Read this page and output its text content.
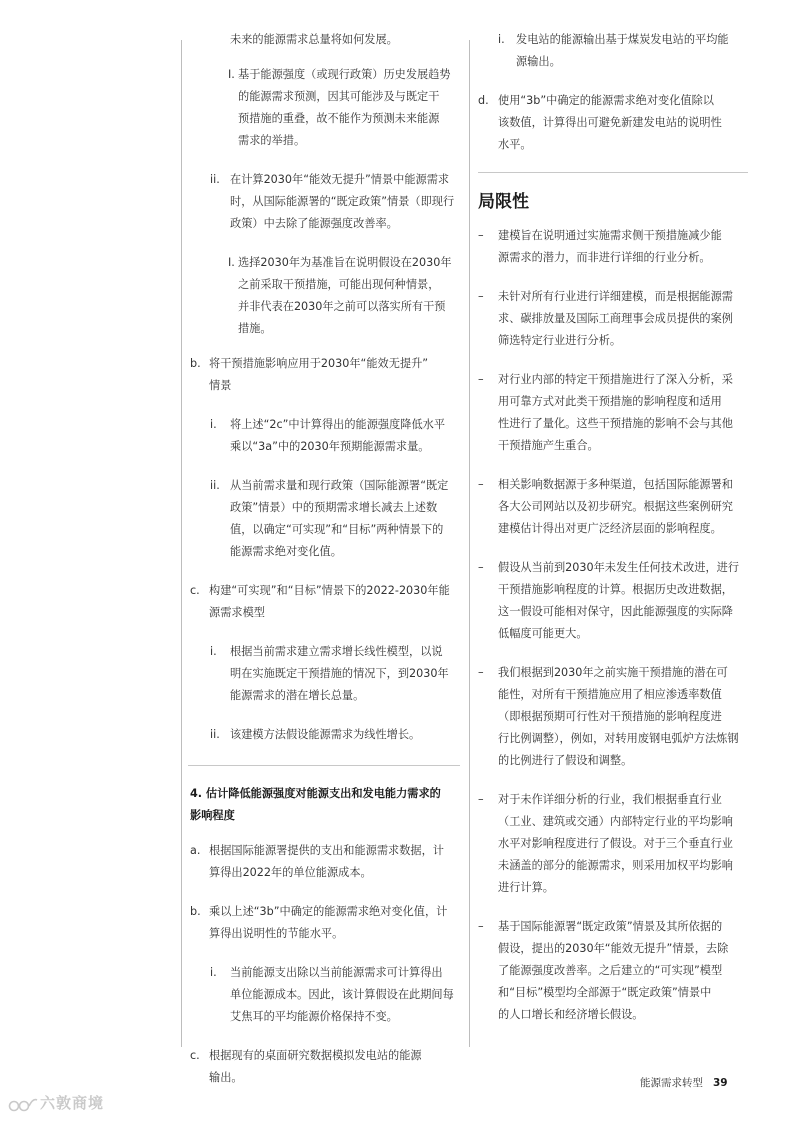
未来的能源需求总量将如何发展。
I. 基于能源强度（或现行政策）历史发展趋势
的能源需求预测，因其可能涉及与既定干
预措施的重叠，故不能作为预测未来能源
需求的举措。
ii. 在计算2030年“能效无提升”情景中能源需求
时，从国际能源署的“既定政策”情景（即现行
政策）中去除了能源强度改善率。
I. 选择2030年为基准旨在说明假设在2030年
之前采取干预措施，可能出现何种情景，
并非代表在2030年之前可以落实所有干预
措施。
b. 将干预措施影响应用于2030年“能效无提升”
情景
i. 将上述“2c”中计算得出的能源强度降低水平
乘以“3a”中的2030年预期能源需求量。
ii. 从当前需求量和现行政策（国际能源署“既定
政策”情景）中的预期需求增长减去上述数
值，以确定“可实现”和“目标”两种情景下的
能源需求绝对变化值。
c. 构建“可实现”和“目标”情景下的2022-2030年能
源需求模型
i. 根据当前需求建立需求增长线性模型，以说
明在实施既定干预措施的情况下，到2030年
能源需求的潜在增长总量。
ii. 该建模方法假设能源需求为线性增长。
4. 估计降低能源强度对能源支出和发电能力需求的
影响程度
a. 根据国际能源署提供的支出和能源需求数据，计
算得出2022年的单位能源成本。
b. 乘以上述“3b”中确定的能源需求绝对变化值，计
算得出说明性的节能水平。
i. 当前能源支出除以当前能源需求可计算得出
单位能源成本。因此，该计算假设在此期间每
艾焦耳的平均能源价格保持不变。
c. 根据现有的桌面研究数据模拟发电站的能源
输出。
i. 发电站的能源输出基于煤炭发电站的平均能
源输出。
d. 使用“3b”中确定的能源需求绝对变化值除以
该数值，计算得出可避免新建发电站的说明性
水平。
局限性
– 建模旨在说明通过实施需求侧干预措施减少能
源需求的潜力，而非进行详细的行业分析。
– 未针对所有行业进行详细建模，而是根据能源需
求、碳排放量及国际工商理事会成员提供的案例
筛选特定行业进行分析。
– 对行业内部的特定干预措施进行了深入分析，采
用可靠方式对此类干预措施的影响程度和适用
性进行了量化。这些干预措施的影响不会与其他
干预措施产生重合。
– 相关影响数据源于多种渠道，包括国际能源署和
各大公司网站以及初步研究。根据这些案例研究
建模估计得出对更广泛经济层面的影响程度。
– 假设从当前到2030年未发生任何技术改进，进行
干预措施影响程度的计算。根据历史改进数据，
这一假设可能相对保守，因此能源强度的实际降
低幅度可能更大。
– 我们根据到2030年之前实施干预措施的潜在可
能性，对所有干预措施应用了相应渗透率数值
（即根据预期可行性对干预措施的影响程度进
行比例调整），例如，对转用废钢电弧炉方法炼钢
的比例进行了假设和调整。
– 对于未作详细分析的行业，我们根据垂直行业
（工业、建筑或交通）内部特定行业的平均影响
水平对影响程度进行了假设。对于三个垂直行业
未涵盖的部分的能源需求，则采用加权平均影响
进行计算。
– 基于国际能源署“既定政策”情景及其所依据的
假设，提出的2030年“能效无提升”情景，去除
了能源强度改善率。之后建立的“可实现”模型
和“目标”模型均全部源于“既定政策”情景中
的人口增长和经济增长假设。
能源需求转型 39
六敦商境
